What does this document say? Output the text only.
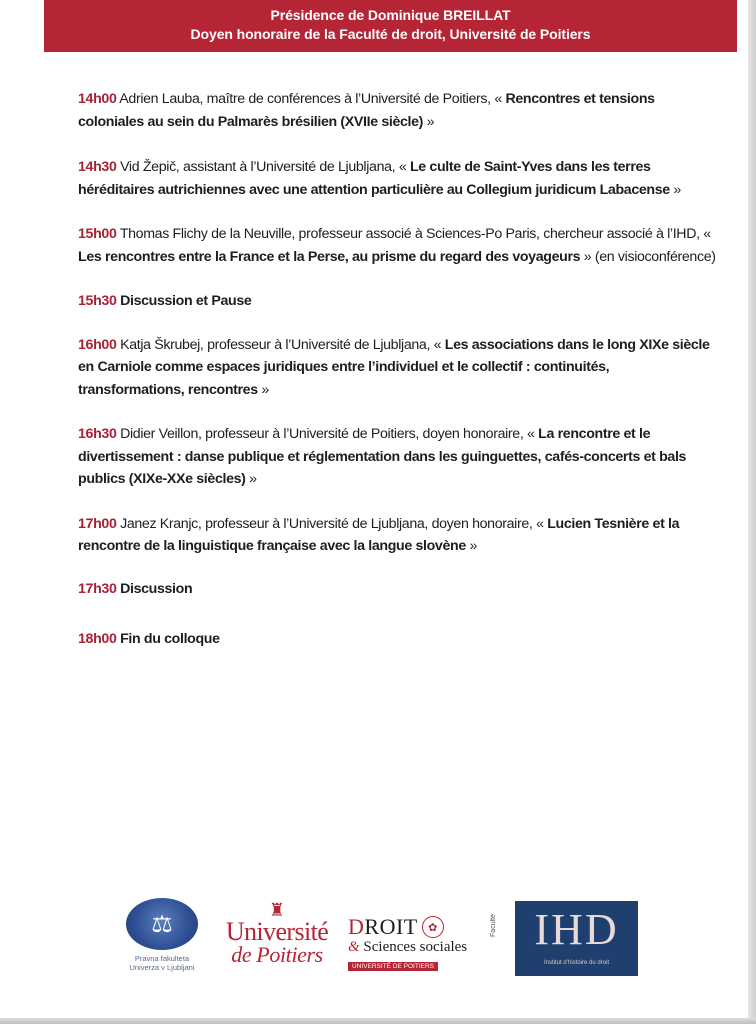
Présidence de Dominique BREILLAT
Doyen honoraire de la Faculté de droit, Université de Poitiers

14h00 Adrien Lauba, maître de conférences à l’Université de Poitiers, « Rencontres et tensions coloniales au sein du Palmarès brésilien (XVIIe siècle) »

14h30 Vid Žepič, assistant à l’Université de Ljubljana, « Le culte de Saint-Yves dans les terres héréditaires autrichiennes avec une attention particulière au Collegium juridicum Labacense »

15h00 Thomas Flichy de la Neuville, professeur associé à Sciences-Po Paris, chercheur associé à l’IHD, « Les rencontres entre la France et la Perse, au prisme du regard des voyageurs » (en visioconférence)

15h30 Discussion et Pause

16h00 Katja Škrubej, professeur à l’Université de Ljubljana, « Les associations dans le long XIXe siècle en Carniole comme espaces juridiques entre l’individuel et le collectif : continuités, transformations, rencontres »

16h30 Didier Veillon, professeur à l’Université de Poitiers, doyen honoraire, « La rencontre et le divertissement : danse publique et réglementation dans les guinguettes, cafés-concerts et bals publics (XIXe-XXe siècles) »

17h00 Janez Kranjc, professeur à l’Université de Ljubljana, doyen honoraire, « Lucien Tesnière et la rencontre de la linguistique française avec la langue slovène »

17h30 Discussion

18h00 Fin du colloque

⚖
Pravna fakulteta
Univerza v Ljubljani
♜
Université
de Poitiers
DROIT ✿
& Sciences sociales
UNIVERSITÉ DE POITIERS
Faculté IHD
Institut d’histoire du droit
